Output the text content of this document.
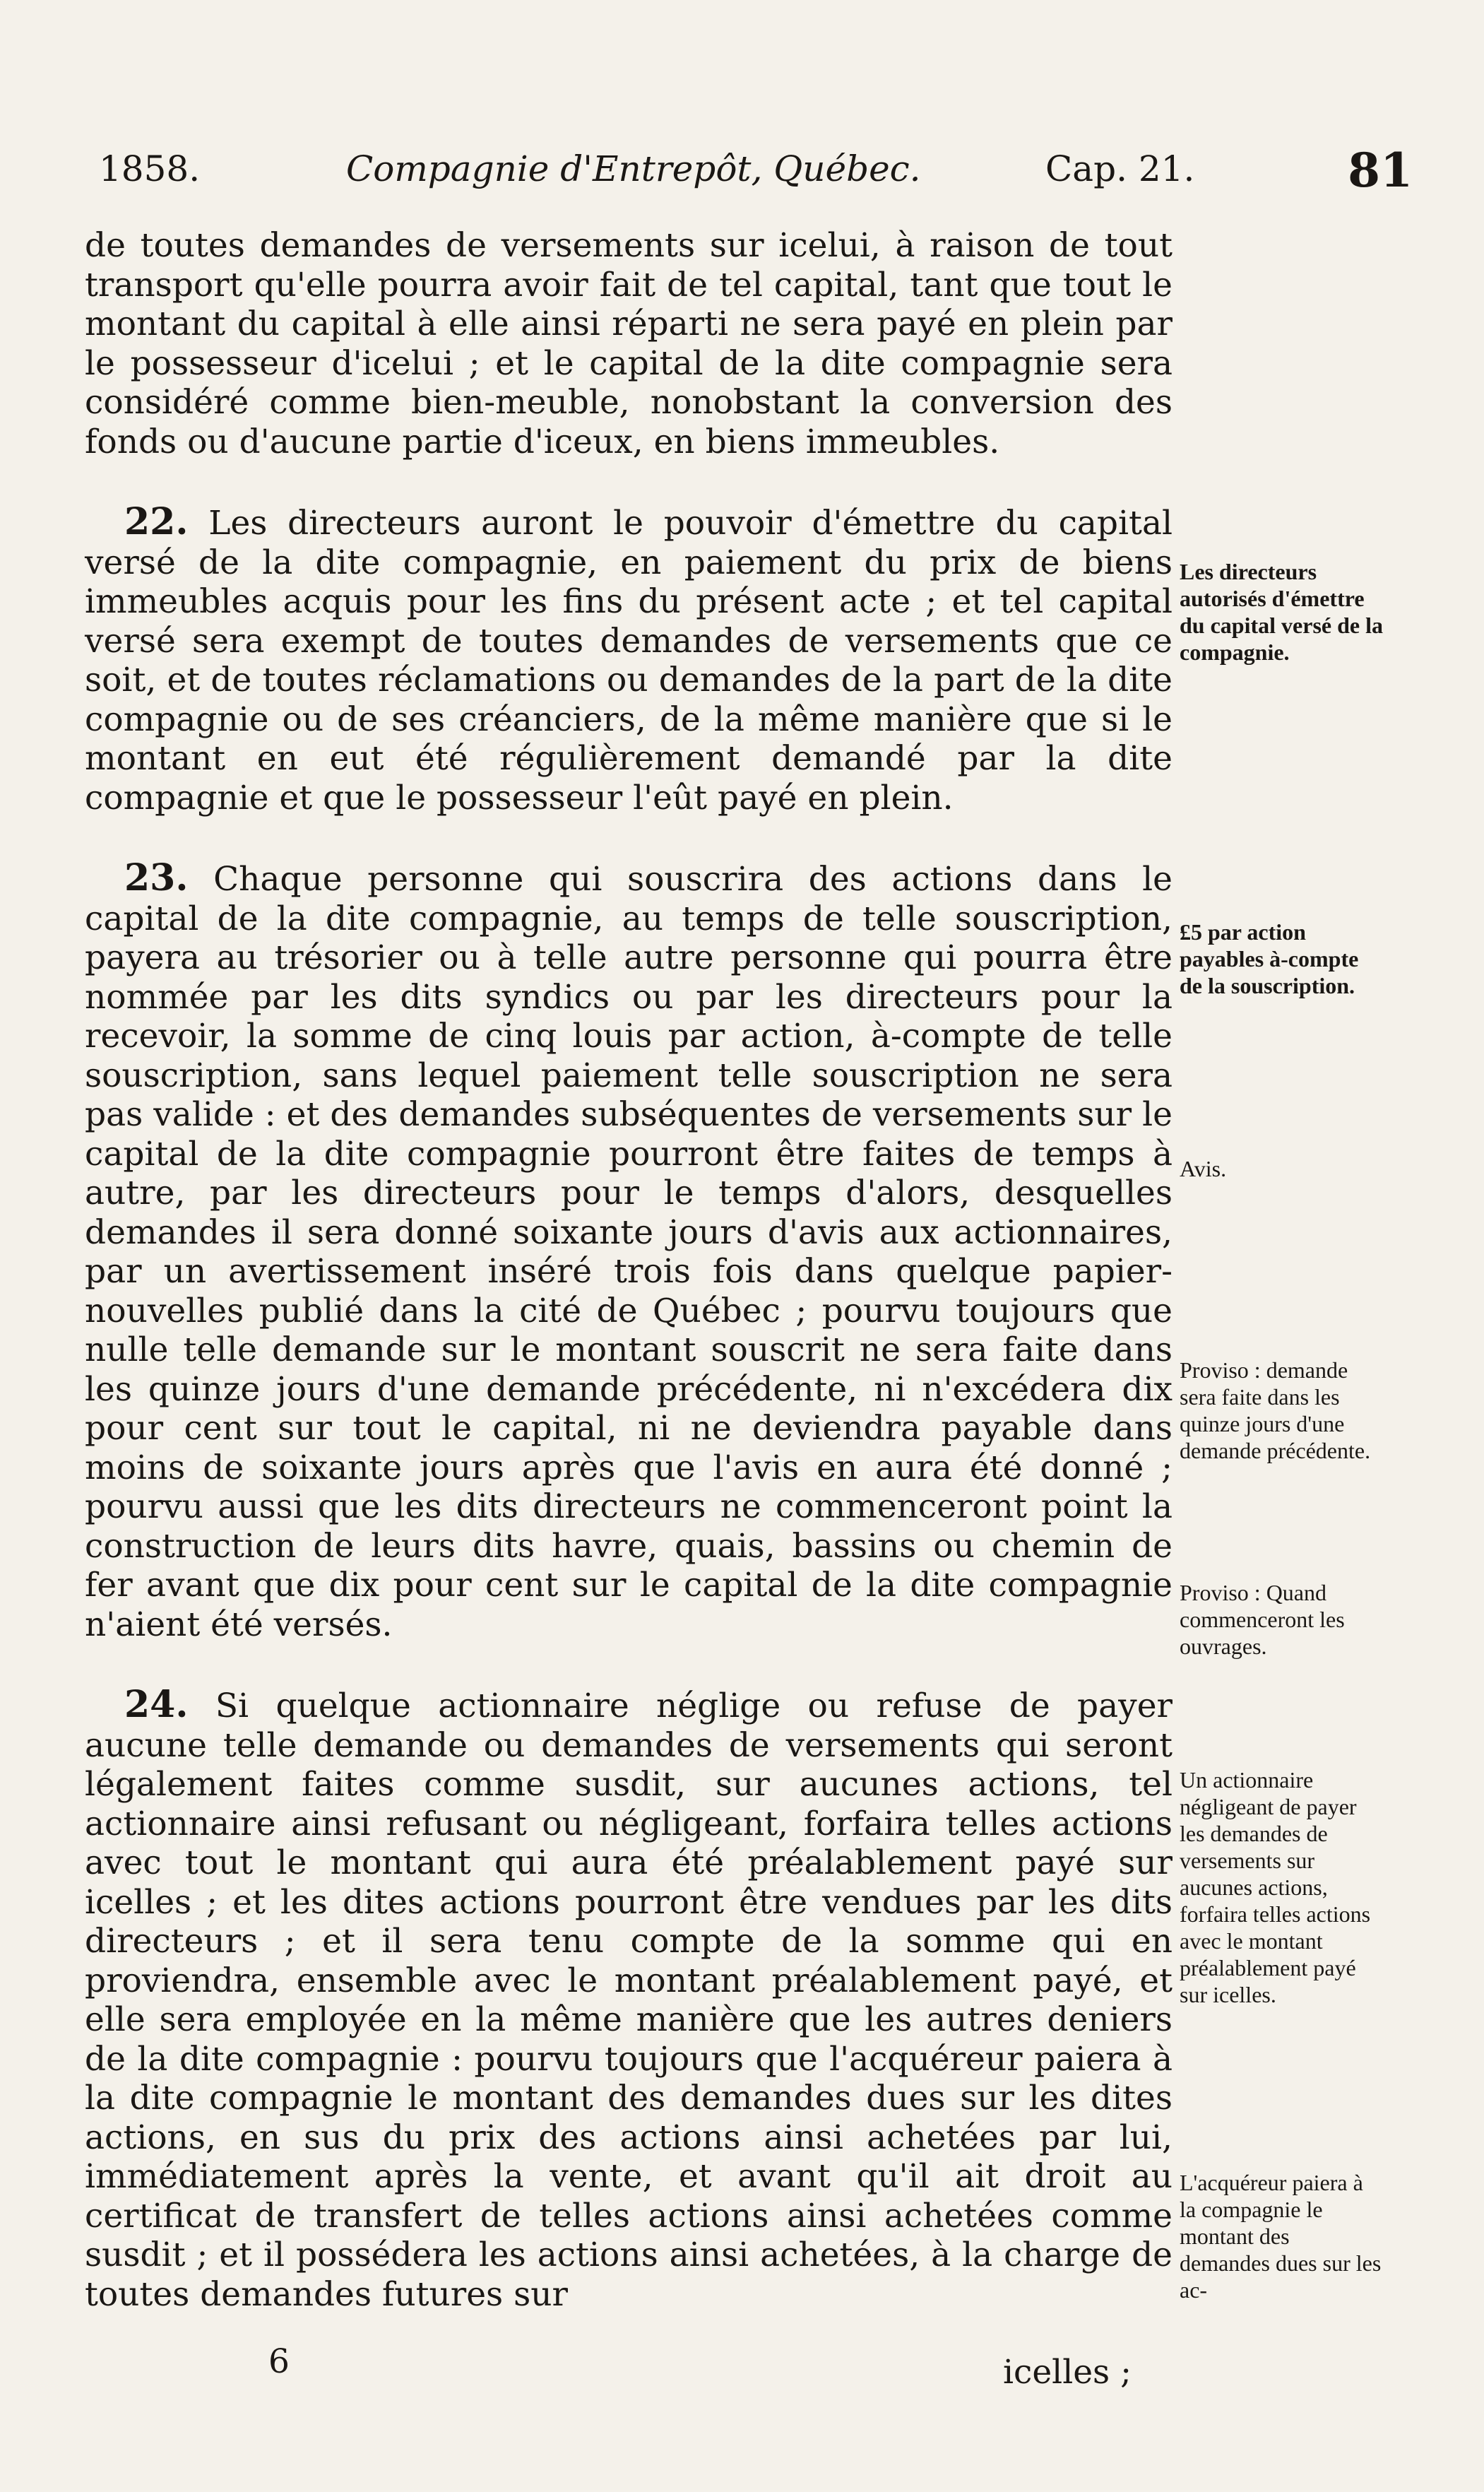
1858.	Compagnie d'Entrepôt, Québec.	Cap. 21.	81

de toutes demandes de versements sur icelui, à raison de tout transport qu'elle pourra avoir fait de tel capital, tant que tout le montant du capital à elle ainsi réparti ne sera payé en plein par le possesseur d'icelui ; et le capital de la dite compagnie sera considéré comme bien-meuble, nonobstant la conversion des fonds ou d'aucune partie d'iceux, en biens immeubles.

22. Les directeurs auront le pouvoir d'émettre du capital versé de la dite compagnie, en paiement du prix de biens immeubles acquis pour les fins du présent acte ; et tel capital versé sera exempt de toutes demandes de versements que ce soit, et de toutes réclamations ou demandes de la part de la dite compagnie ou de ses créanciers, de la même manière que si le montant en eut été régulièrement demandé par la dite compagnie et que le possesseur l'eût payé en plein.

23. Chaque personne qui souscrira des actions dans le capital de la dite compagnie, au temps de telle souscription, payera au trésorier ou à telle autre personne qui pourra être nommée par les dits syndics ou par les directeurs pour la recevoir, la somme de cinq louis par action, à-compte de telle souscription, sans lequel paiement telle souscription ne sera pas valide : et des demandes subséquentes de versements sur le capital de la dite compagnie pourront être faites de temps à autre, par les directeurs pour le temps d'alors, desquelles demandes il sera donné soixante jours d'avis aux actionnaires, par un avertissement inséré trois fois dans quelque papier-nouvelles publié dans la cité de Québec ; pourvu toujours que nulle telle demande sur le montant souscrit ne sera faite dans les quinze jours d'une demande précédente, ni n'excédera dix pour cent sur tout le capital, ni ne deviendra payable dans moins de soixante jours après que l'avis en aura été donné ; pourvu aussi que les dits directeurs ne commenceront point la construction de leurs dits havre, quais, bassins ou chemin de fer avant que dix pour cent sur le capital de la dite compagnie n'aient été versés.

24. Si quelque actionnaire néglige ou refuse de payer aucune telle demande ou demandes de versements qui seront légalement faites comme susdit, sur aucunes actions, tel actionnaire ainsi refusant ou négligeant, forfaira telles actions avec tout le montant qui aura été préalablement payé sur icelles ; et les dites actions pourront être vendues par les dits directeurs ; et il sera tenu compte de la somme qui en proviendra, ensemble avec le montant préalablement payé, et elle sera employée en la même manière que les autres deniers de la dite compagnie : pourvu toujours que l'acquéreur paiera à la dite compagnie le montant des demandes dues sur les dites actions, en sus du prix des actions ainsi achetées par lui, immédiatement après la vente, et avant qu'il ait droit au certificat de transfert de telles actions ainsi achetées comme susdit ; et il possédera les actions ainsi achetées, à la charge de toutes demandes futures sur

Les directeurs autorisés d'émettre du capital versé de la compagnie.
£5 par action payables à-compte de la souscription.
Avis.
Proviso : demande sera faite dans les quinze jours d'une demande précédente.
Proviso : Quand commenceront les ouvrages.
Un actionnaire négligeant de payer les demandes de versements sur aucunes actions, forfaira telles actions avec le montant préalablement payé sur icelles.
L'acquéreur paiera à la compagnie le montant des demandes dues sur les ac-
6	icelles ;
